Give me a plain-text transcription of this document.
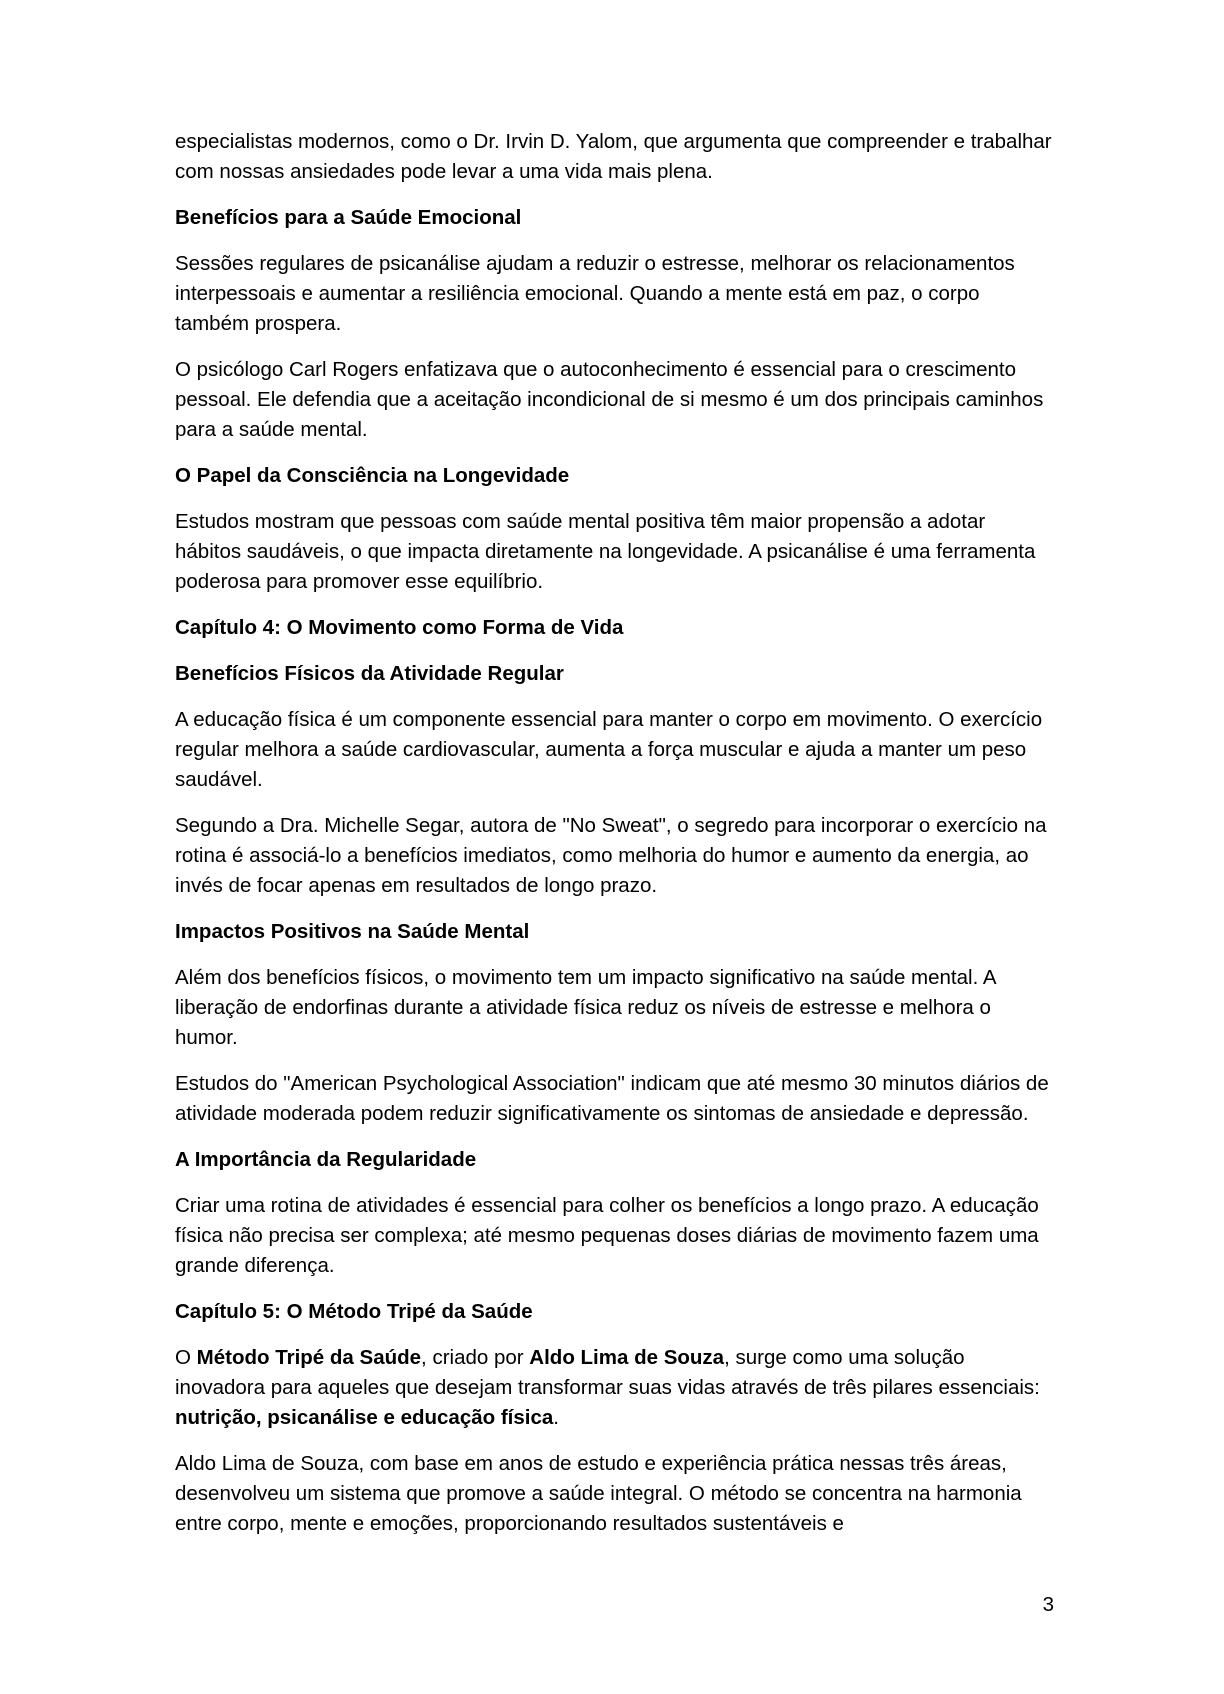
especialistas modernos, como o Dr. Irvin D. Yalom, que argumenta que compreender e trabalhar com nossas ansiedades pode levar a uma vida mais plena.

Benefícios para a Saúde Emocional

Sessões regulares de psicanálise ajudam a reduzir o estresse, melhorar os relacionamentos interpessoais e aumentar a resiliência emocional. Quando a mente está em paz, o corpo também prospera.

O psicólogo Carl Rogers enfatizava que o autoconhecimento é essencial para o crescimento pessoal. Ele defendia que a aceitação incondicional de si mesmo é um dos principais caminhos para a saúde mental.

O Papel da Consciência na Longevidade

Estudos mostram que pessoas com saúde mental positiva têm maior propensão a adotar hábitos saudáveis, o que impacta diretamente na longevidade. A psicanálise é uma ferramenta poderosa para promover esse equilíbrio.

Capítulo 4: O Movimento como Forma de Vida
Benefícios Físicos da Atividade Regular

A educação física é um componente essencial para manter o corpo em movimento. O exercício regular melhora a saúde cardiovascular, aumenta a força muscular e ajuda a manter um peso saudável.

Segundo a Dra. Michelle Segar, autora de "No Sweat", o segredo para incorporar o exercício na rotina é associá-lo a benefícios imediatos, como melhoria do humor e aumento da energia, ao invés de focar apenas em resultados de longo prazo.

Impactos Positivos na Saúde Mental

Além dos benefícios físicos, o movimento tem um impacto significativo na saúde mental. A liberação de endorfinas durante a atividade física reduz os níveis de estresse e melhora o humor.

Estudos do "American Psychological Association" indicam que até mesmo 30 minutos diários de atividade moderada podem reduzir significativamente os sintomas de ansiedade e depressão.

A Importância da Regularidade

Criar uma rotina de atividades é essencial para colher os benefícios a longo prazo. A educação física não precisa ser complexa; até mesmo pequenas doses diárias de movimento fazem uma grande diferença.

Capítulo 5: O Método Tripé da Saúde

O Método Tripé da Saúde, criado por Aldo Lima de Souza, surge como uma solução inovadora para aqueles que desejam transformar suas vidas através de três pilares essenciais: nutrição, psicanálise e educação física.

Aldo Lima de Souza, com base em anos de estudo e experiência prática nessas três áreas, desenvolveu um sistema que promove a saúde integral. O método se concentra na harmonia entre corpo, mente e emoções, proporcionando resultados sustentáveis e

3
